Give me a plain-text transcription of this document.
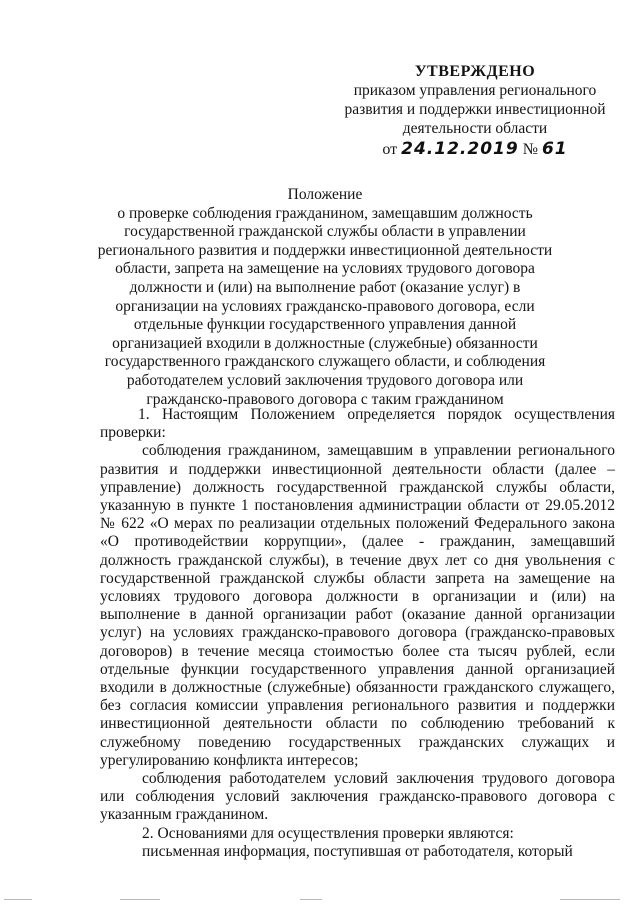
УТВЕРЖДЕНО
приказом управления регионального
развития и поддержки инвестиционной
деятельности области
от 24.12.2019 № 61
Положение
о проверке соблюдения гражданином, замещавшим должность государственной гражданской службы области в управлении регионального развития и поддержки инвестиционной деятельности области, запрета на замещение на условиях трудового договора должности и (или) на выполнение работ (оказание услуг) в организации на условиях гражданско-правового договора, если отдельные функции государственного управления данной организацией входили в должностные (служебные) обязанности государственного гражданского служащего области, и соблюдения работодателем условий заключения трудового договора или гражданско-правового договора с таким гражданином

1. Настоящим Положением определяется порядок осуществления проверки:

соблюдения гражданином, замещавшим в управлении регионального развития и поддержки инвестиционной деятельности области (далее – управление) должность государственной гражданской службы области, указанную в пункте 1 постановления администрации области от 29.05.2012 № 622 «О мерах по реализации отдельных положений Федерального закона «О противодействии коррупции», (далее - гражданин, замещавший должность гражданской службы), в течение двух лет со дня увольнения с государственной гражданской службы области запрета на замещение на условиях трудового договора должности в организации и (или) на выполнение в данной организации работ (оказание данной организации услуг) на условиях гражданско-правового договора (гражданско-правовых договоров) в течение месяца стоимостью более ста тысяч рублей, если отдельные функции государственного управления данной организацией входили в должностные (служебные) обязанности гражданского служащего, без согласия комиссии управления регионального развития и поддержки инвестиционной деятельности области по соблюдению требований к служебному поведению государственных гражданских служащих и урегулированию конфликта интересов;

соблюдения работодателем условий заключения трудового договора или соблюдения условий заключения гражданско-правового договора с указанным гражданином.

2. Основаниями для осуществления проверки являются:

письменная информация, поступившая от работодателя, который
